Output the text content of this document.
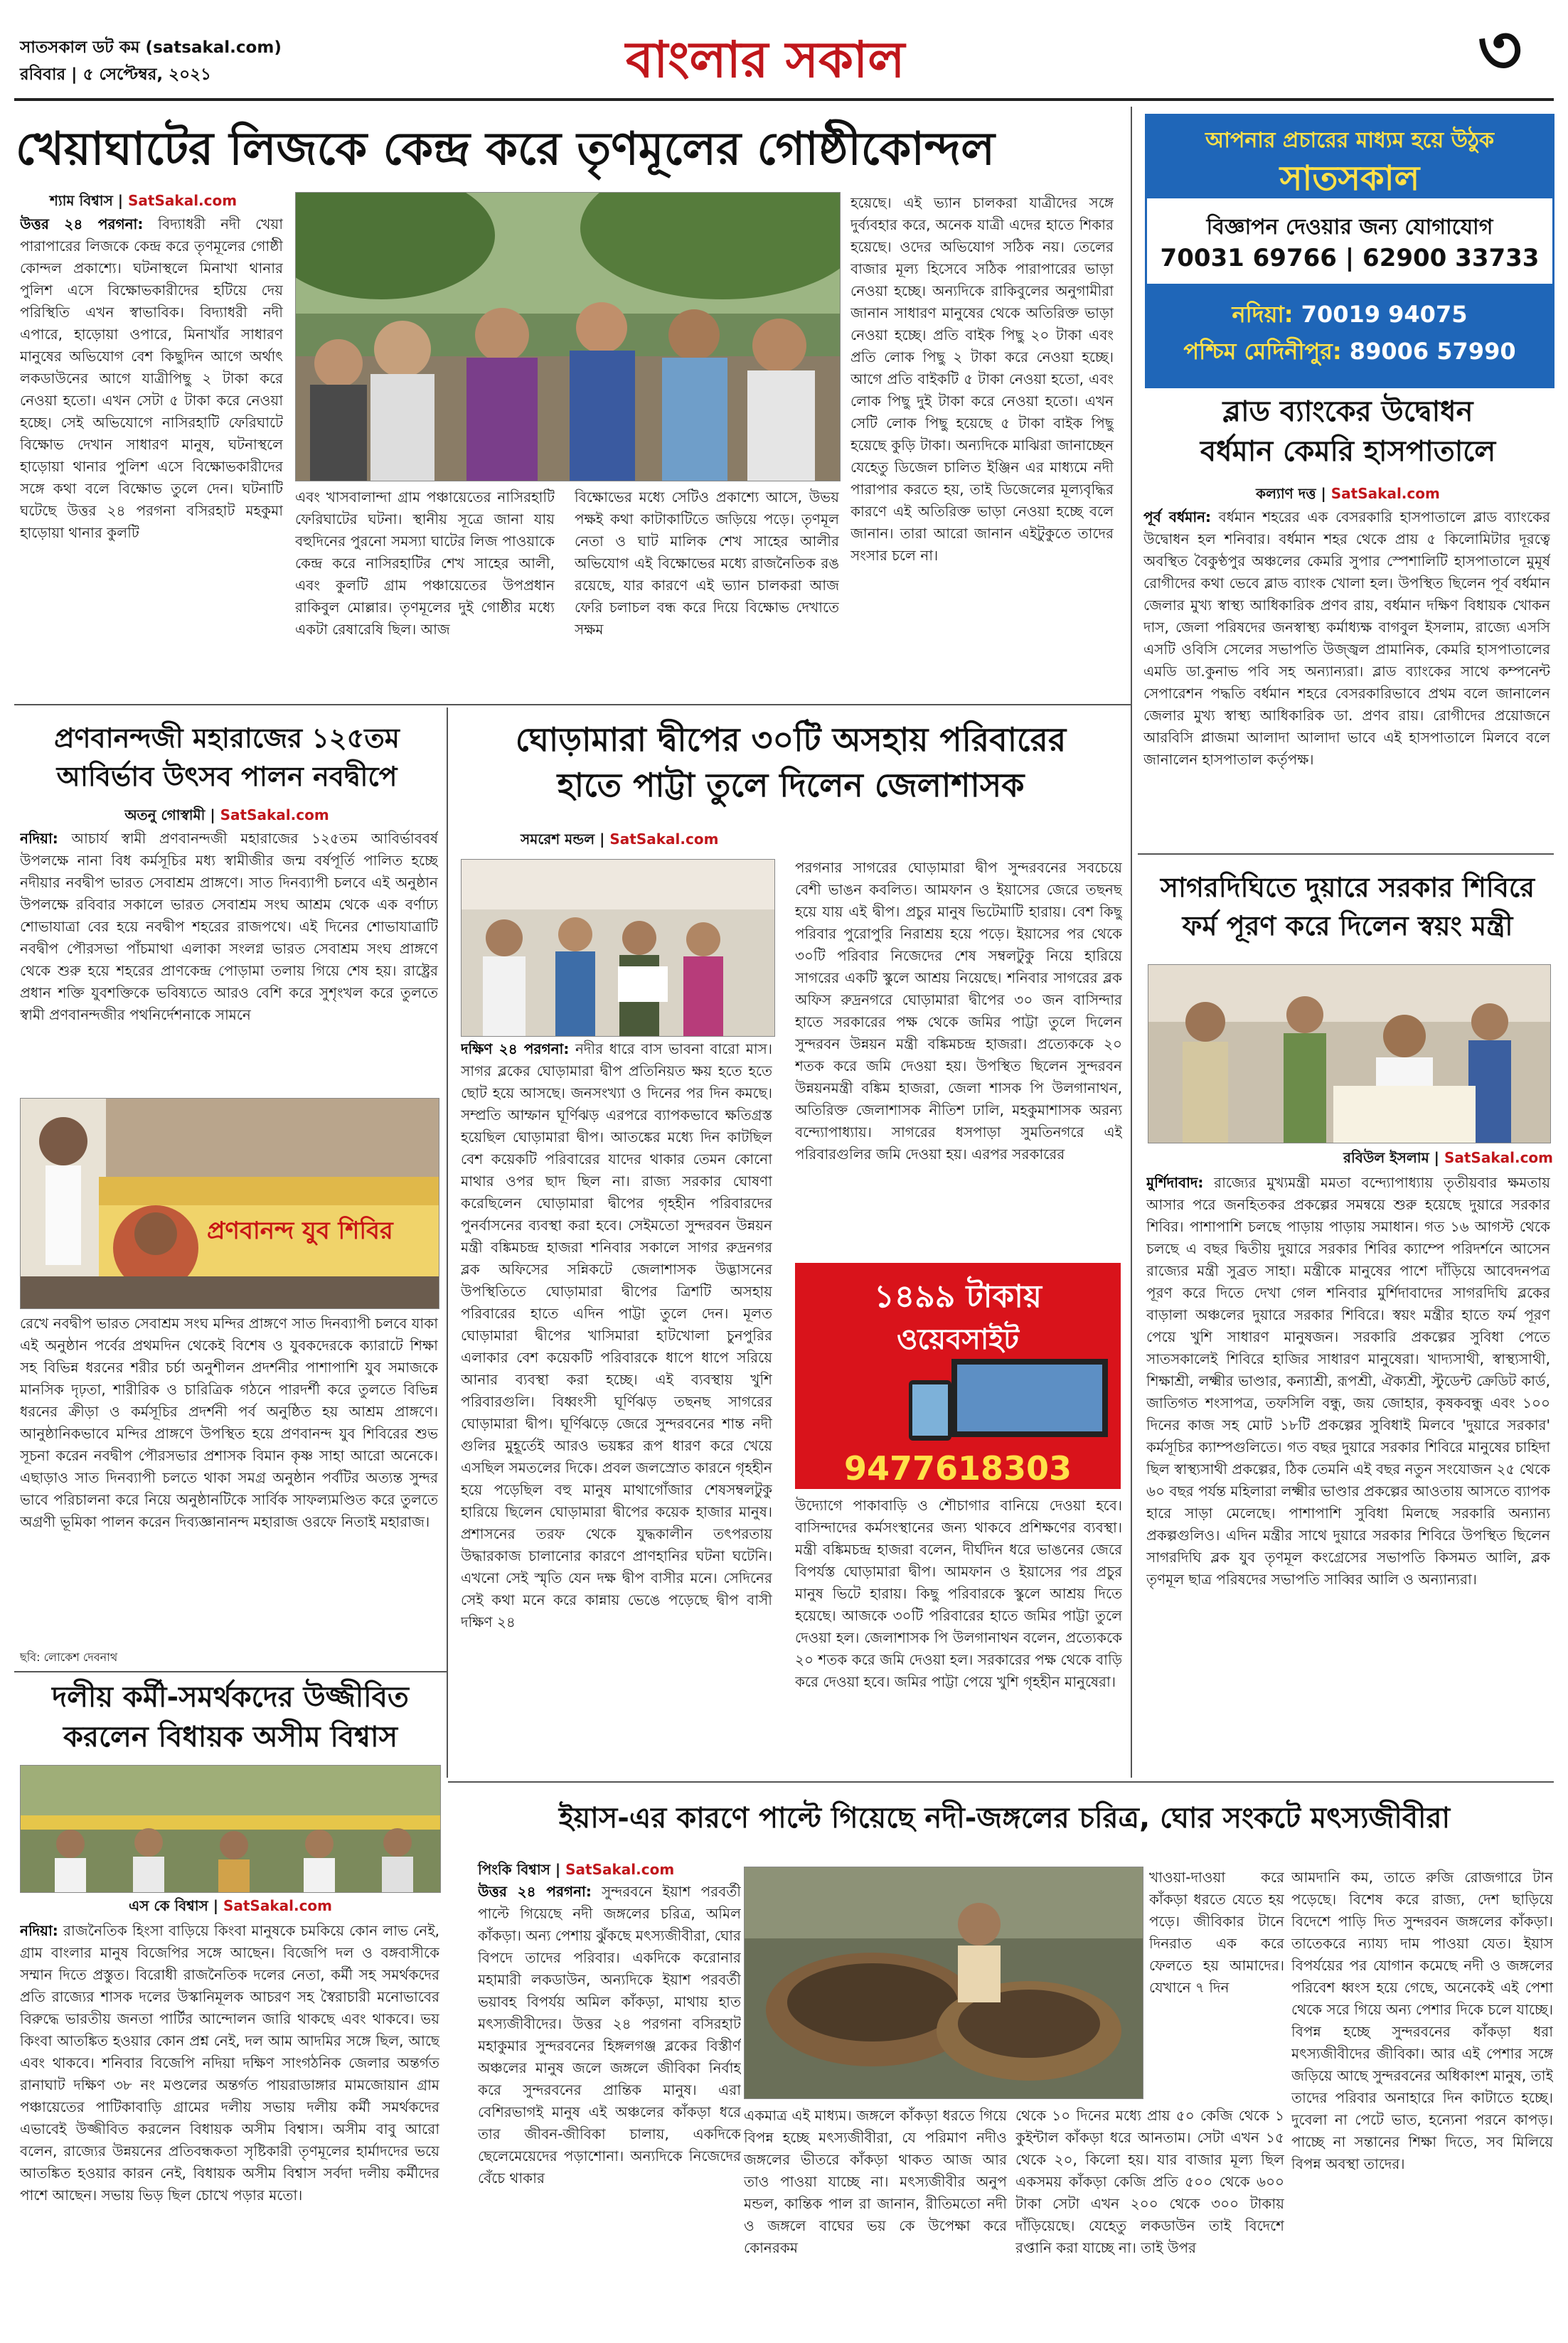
সাতসকাল ডট কম (satsakal.com)
রবিবার | ৫ সেপ্টেম্বর, ২০২১	বাংলার সকাল	৩
খেয়াঘাটের লিজকে কেন্দ্র করে তৃণমূলের গোষ্ঠীকোন্দল
শ্যাম বিশ্বাস | SatSakal.com
উত্তর ২৪ পরগনা: বিদ্যাধরী নদী খেয়া পারাপারের লিজকে কেন্দ্র করে তৃণমূলের গোষ্ঠী কোন্দল প্রকাশ্যে। ঘটনাস্থলে মিনাখা থানার পুলিশ এসে বিক্ষোভকারীদের হটিয়ে দেয় পরিস্থিতি এখন স্বাভাবিক। বিদ্যাধরী নদী এপারে, হাড়োয়া ওপারে, মিনাখাঁর সাধারণ মানুষের অভিযোগ বেশ কিছুদিন আগে অর্থাৎ লকডাউনের আগে যাত্রীপিছু ২ টাকা করে নেওয়া হতো। এখন সেটা ৫ টাকা করে নেওয়া হচ্ছে। সেই অভিযোগে নাসিরহাটি ফেরিঘাটে বিক্ষোভ দেখান সাধারণ মানুষ, ঘটনাস্থলে হাড়োয়া থানার পুলিশ এসে বিক্ষোভকারীদের সঙ্গে কথা বলে বিক্ষোভ তুলে দেন। ঘটনাটি ঘটেছে উত্তর ২৪ পরগনা বসিরহাট মহকুমা হাড়োয়া থানার কুলটি
এবং খাসবালান্দা গ্রাম পঞ্চায়েতের নাসিরহাটি ফেরিঘাটের ঘটনা। স্থানীয় সূত্রে জানা যায় বহুদিনের পুরনো সমস্যা ঘাটের লিজ পাওয়াকে কেন্দ্র করে নাসিরহাটির শেখ সাহের আলী, এবং কুলটি গ্রাম পঞ্চায়েতের উপপ্রধান রাকিবুল মোল্লার। তৃণমূলের দুই গোষ্ঠীর মধ্যে একটা রেষারেষি ছিল। আজ
বিক্ষোভের মধ্যে সেটিও প্রকাশ্যে আসে, উভয় পক্ষই কথা কাটাকাটিতে জড়িয়ে পড়ে। তৃণমূল নেতা ও ঘাট মালিক শেখ সাহের আলীর অভিযোগ এই বিক্ষোভের মধ্যে রাজনৈতিক রঙ রয়েছে, যার কারণে এই ভ্যান চালকরা আজ ফেরি চলাচল বন্ধ করে দিয়ে বিক্ষোভ দেখাতে সক্ষম
হয়েছে। এই ভ্যান চালকরা যাত্রীদের সঙ্গে দুর্ব্যবহার করে, অনেক যাত্রী এদের হাতে শিকার হয়েছে। ওদের অভিযোগ সঠিক নয়। তেলের বাজার মূল্য হিসেবে সঠিক পারাপারের ভাড়া নেওয়া হচ্ছে। অন্যদিকে রাকিবুলের অনুগামীরা জানান সাধারণ মানুষের থেকে অতিরিক্ত ভাড়া নেওয়া হচ্ছে। প্রতি বাইক পিছু ২০ টাকা এবং প্রতি লোক পিছু ২ টাকা করে নেওয়া হচ্ছে। আগে প্রতি বাইকটি ৫ টাকা নেওয়া হতো, এবং লোক পিছু দুই টাকা করে নেওয়া হতো। এখন সেটি লোক পিছু হয়েছে ৫ টাকা বাইক পিছু হয়েছে কুড়ি টাকা। অন্যদিকে মাঝিরা জানাচ্ছেন যেহেতু ডিজেল চালিত ইঞ্জিন এর মাধ্যমে নদী পারাপার করতে হয়, তাই ডিজেলের মূল্যবৃদ্ধির কারণে এই অতিরিক্ত ভাড়া নেওয়া হচ্ছে বলে জানান। তারা আরো জানান এইটুকুতে তাদের সংসার চলে না।
আপনার প্রচারের মাধ্যম হয়ে উঠুক
সাতসকাল
বিজ্ঞাপন দেওয়ার জন্য যোগাযোগ
70031 69766 | 62900 33733
নদিয়া: 70019 94075
পশ্চিম মেদিনীপুর: 89006 57990
ব্লাড ব্যাংকের উদ্বোধন
বর্ধমান কেমরি হাসপাতালে
কল্যাণ দত্ত | SatSakal.com
পূর্ব বর্ধমান: বর্ধমান শহরের এক বেসরকারি হাসপাতালে ব্লাড ব্যাংকের উদ্বোধন হল শনিবার। বর্ধমান শহর থেকে প্রায় ৫ কিলোমিটার দূরত্বে অবস্থিত বৈকুণ্ঠপুর অঞ্চলের কেমরি সুপার স্পেশালিটি হাসপাতালে মুমূর্ষ রোগীদের কথা ভেবে ব্লাড ব্যাংক খোলা হল। উপস্থিত ছিলেন পূর্ব বর্ধমান জেলার মুখ্য স্বাস্থ্য আধিকারিক প্রণব রায়, বর্ধমান দক্ষিণ বিধায়ক খোকন দাস, জেলা পরিষদের জনস্বাস্থ্য কর্মাধ্যক্ষ বাগবুল ইসলাম, রাজ্যে এসসি এসটি ওবিসি সেলের সভাপতি উজ্জ্বল প্রামানিক, কেমরি হাসপাতালের এমডি ডা.কুনাভ পবি সহ অন্যান্যরা। ব্লাড ব্যাংকের সাথে কম্পনেন্ট সেপারেশন পদ্ধতি বর্ধমান শহরে বেসরকারিভাবে প্রথম বলে জানালেন জেলার মুখ্য স্বাস্থ্য আধিকারিক ডা. প্রণব রায়। রোগীদের প্রয়োজনে আরবিসি প্লাজমা আলাদা আলাদা ভাবে এই হাসপাতালে মিলবে বলে জানালেন হাসপাতাল কর্তৃপক্ষ।
প্রণবানন্দজী মহারাজের ১২৫তম
আবির্ভাব উৎসব পালন নবদ্বীপে
অতনু গোস্বামী | SatSakal.com
নদিয়া: আচার্য স্বামী প্রণবানন্দজী মহারাজের ১২৫তম আবির্ভাববর্ষ উপলক্ষে নানা বিধ কর্মসূচির মধ্য স্বামীজীর জন্ম বর্ষপূর্তি পালিত হচ্ছে নদীয়ার নবদ্বীপ ভারত সেবাশ্রম প্রাঙ্গণে। সাত দিনব্যাপী চলবে এই অনুষ্ঠান উপলক্ষে রবিবার সকালে ভারত সেবাশ্রম সংঘ আশ্রম থেকে এক বর্ণাঢ্য শোভাযাত্রা বের হয়ে নবদ্বীপ শহরের রাজপথে। এই দিনের শোভাযাত্রাটি নবদ্বীপ পৌরসভা পাঁচমাথা এলাকা সংলগ্ন ভারত সেবাশ্রম সংঘ প্রাঙ্গণে থেকে শুরু হয়ে শহরের প্রাণকেন্দ্র পোড়ামা তলায় গিয়ে শেষ হয়। রাষ্ট্রের প্রধান শক্তি যুবশক্তিকে ভবিষ্যতে আরও বেশি করে সুশৃংখল করে তুলতে স্বামী প্রণবানন্দজীর পথনির্দেশনাকে সামনে
প্রণবানন্দ যুব শিবির
রেখে নবদ্বীপ ভারত সেবাশ্রম সংঘ মন্দির প্রাঙ্গণে সাত দিনব্যাপী চলবে যাকা এই অনুষ্ঠান পর্বের প্রথমদিন থেকেই বিশেষ ও যুবকদেরকে ক্যারাটে শিক্ষা সহ বিভিন্ন ধরনের শরীর চর্চা অনুশীলন প্রদর্শনীর পাশাপাশি যুব সমাজকে মানসিক দৃঢ়তা, শারীরিক ও চারিত্রিক গঠনে পারদর্শী করে তুলতে বিভিন্ন ধরনের ক্রীড়া ও কর্মসূচির প্রদর্শনী পর্ব অনুষ্ঠিত হয় আশ্রম প্রাঙ্গণে। আনুষ্ঠানিকভাবে মন্দির প্রাঙ্গণে উপস্থিত হয়ে প্রণবানন্দ যুব শিবিরের শুভ সূচনা করেন নবদ্বীপ পৌরসভার প্রশাসক বিমান কৃষ্ণ সাহা আরো অনেকে। এছাড়াও সাত দিনব্যাপী চলতে থাকা সমগ্র অনুষ্ঠান পর্বটির অত্যন্ত সুন্দর ভাবে পরিচালনা করে নিয়ে অনুষ্ঠানটিকে সার্বিক সাফল্যমণ্ডিত করে তুলতে অগ্রণী ভূমিকা পালন করেন দিব্যজ্ঞানানন্দ মহারাজ ওরফে নিতাই মহারাজ।
ছবি: লোকেশ দেবনাথ
ঘোড়ামারা দ্বীপের ৩০টি অসহায় পরিবারের
হাতে পাট্টা তুলে দিলেন জেলাশাসক
সমরেশ মন্ডল | SatSakal.com
দক্ষিণ ২৪ পরগনা: নদীর ধারে বাস ভাবনা বারো মাস। সাগর ব্লকের ঘোড়ামারা দ্বীপ প্রতিনিয়ত ক্ষয় হতে হতে ছোট হয়ে আসছে। জনসংখ্যা ও দিনের পর দিন কমছে। সম্প্রতি আম্ফান ঘূর্ণিঝড় এরপরে ব্যাপকভাবে ক্ষতিগ্রস্ত হয়েছিল ঘোড়ামারা দ্বীপ। আতঙ্কের মধ্যে দিন কাটছিল বেশ কয়েকটি পরিবারের যাদের থাকার তেমন কোনো মাথার ওপর ছাদ ছিল না। রাজ্য সরকার ঘোষণা করেছিলেন ঘোড়ামারা দ্বীপের গৃহহীন পরিবারদের পুনর্বাসনের ব্যবস্থা করা হবে। সেইমতো সুন্দরবন উন্নয়ন মন্ত্রী বঙ্কিমচন্দ্র হাজরা শনিবার সকালে সাগর রুদ্রনগর ব্লক অফিসের সন্নিকটে জেলাশাসক উদ্ভাসনের উপস্থিতিতে ঘোড়ামারা দ্বীপের ত্রিশটি অসহায় পরিবারের হাতে এদিন পাট্টা তুলে দেন। মূলত ঘোড়ামারা দ্বীপের খাসিমারা হাটখোলা চুনপুরির এলাকার বেশ কয়েকটি পরিবারকে ধাপে ধাপে সরিয়ে আনার ব্যবস্থা করা হচ্ছে। এই ব্যবস্থায় খুশি পরিবারগুলি। বিধ্বংসী ঘূর্ণিঝড় তছনছ সাগরের ঘোড়ামারা দ্বীপ। ঘূর্ণিঝড়ে জেরে সুন্দরবনের শান্ত নদী গুলির মুহূর্তেই আরও ভয়ঙ্কর রূপ ধারণ করে খেয়ে এসছিল সমতলের দিকে। প্রবল জলস্রোত কারনে গৃহহীন হয়ে পড়েছিল বহু মানুষ মাথাগোঁজার শেষসম্বলটুকু হারিয়ে ছিলেন ঘোড়ামারা দ্বীপের কয়েক হাজার মানুষ। প্রশাসনের তরফ থেকে যুদ্ধকালীন তৎপরতায় উদ্ধারকাজ চালানোর কারণে প্রাণহানির ঘটনা ঘটেনি। এখনো সেই স্মৃতি যেন দক্ষ দ্বীপ বাসীর মনে। সেদিনের সেই কথা মনে করে কান্নায় ভেঙে পড়েছে দ্বীপ বাসী দক্ষিণ ২৪
পরগনার সাগরের ঘোড়ামারা দ্বীপ সুন্দরবনের সবচেয়ে বেশী ভাঙন কবলিত। আমফান ও ইয়াসের জেরে তছনছ হয়ে যায় এই দ্বীপ। প্রচুর মানুষ ভিটেমাটি হারায়। বেশ কিছু পরিবার পুরোপুরি নিরাশ্রয় হয়ে পড়ে। ইয়াসের পর থেকে ৩০টি পরিবার নিজেদের শেষ সম্বলটুকু নিয়ে হারিয়ে সাগরের একটি স্কুলে আশ্রয় নিয়েছে। শনিবার সাগরের ব্লক অফিস রুদ্রনগরে ঘোড়ামারা দ্বীপের ৩০ জন বাসিন্দার হাতে সরকারের পক্ষ থেকে জমির পাট্টা তুলে দিলেন সুন্দরবন উন্নয়ন মন্ত্রী বঙ্কিমচন্দ্র হাজরা। প্রত্যেককে ২০ শতক করে জমি দেওয়া হয়। উপস্থিত ছিলেন সুন্দরবন উন্নয়নমন্ত্রী বঙ্কিম হাজরা, জেলা শাসক পি উলগানাথন, অতিরিক্ত জেলাশাসক নীতিশ ঢালি, মহকুমাশাসক অরন্য বন্দ্যোপাধ্যায়। সাগরের ধসপাড়া সুমতিনগরে এই পরিবারগুলির জমি দেওয়া হয়। এরপর সরকারের
১৪৯৯ টাকায়
ওয়েবসাইট
9477618303
উদ্যোগে পাকাবাড়ি ও শৌচাগার বানিয়ে দেওয়া হবে। বাসিন্দাদের কর্মসংস্থানের জন্য থাকবে প্রশিক্ষণের ব্যবস্থা। মন্ত্রী বঙ্কিমচন্দ্র হাজরা বলেন, দীর্ঘদিন ধরে ভাঙনের জেরে বিপর্যস্ত ঘোড়ামারা দ্বীপ। আমফান ও ইয়াসের পর প্রচুর মানুষ ভিটে হারায়। কিছু পরিবারকে স্কুলে আশ্রয় দিতে হয়েছে। আজকে ৩০টি পরিবারের হাতে জমির পাট্টা তুলে দেওয়া হল। জেলাশাসক পি উলগানাথন বলেন, প্রত্যেককে ২০ শতক করে জমি দেওয়া হল। সরকারের পক্ষ থেকে বাড়ি করে দেওয়া হবে। জমির পাট্টা পেয়ে খুশি গৃহহীন মানুষেরা।
সাগরদিঘিতে দুয়ারে সরকার শিবিরে
ফর্ম পূরণ করে দিলেন স্বয়ং মন্ত্রী
রবিউল ইসলাম | SatSakal.com
মুর্শিদাবাদ: রাজ্যের মুখ্যমন্ত্রী মমতা বন্দ্যোপাধ্যায় তৃতীয়বার ক্ষমতায় আসার পরে জনহিতকর প্রকল্পের সমন্বয়ে শুরু হয়েছে দুয়ারে সরকার শিবির। পাশাপাশি চলছে পাড়ায় পাড়ায় সমাধান। গত ১৬ আগস্ট থেকে চলছে এ বছর দ্বিতীয় দুয়ারে সরকার শিবির ক্যাম্পে পরিদর্শনে আসেন রাজ্যের মন্ত্রী সুব্রত সাহা। মন্ত্রীকে মানুষের পাশে দাঁড়িয়ে আবেদনপত্র পূরণ করে দিতে দেখা গেল শনিবার মুর্শিদাবাদের সাগরদিঘি ব্লকের বাড়ালা অঞ্চলের দুয়ারে সরকার শিবিরে। স্বয়ং মন্ত্রীর হাতে ফর্ম পূরণ পেয়ে খুশি সাধারণ মানুষজন। সরকারি প্রকল্পের সুবিধা পেতে সাতসকালেই শিবিরে হাজির সাধারণ মানুষেরা। খাদ্যসাথী, স্বাস্থ্যসাথী, শিক্ষাশ্রী, লক্ষ্মীর ভাণ্ডার, কন্যাশ্রী, রূপশ্রী, ঐক্যশ্রী, স্টুডেন্ট ক্রেডিট কার্ড, জাতিগত শংসাপত্র, তফসিলি বন্ধু, জয় জোহার, কৃষকবন্ধু এবং ১০০ দিনের কাজ সহ মোট ১৮টি প্রকল্পের সুবিধাই মিলবে 'দুয়ারে সরকার' কর্মসূচির ক্যাম্পগুলিতে। গত বছর দুয়ারে সরকার শিবিরে মানুষের চাহিদা ছিল স্বাস্থ্যসাথী প্রকল্পের, ঠিক তেমনি এই বছর নতুন সংযোজন ২৫ থেকে ৬০ বছর পর্যন্ত মহিলারা লক্ষ্মীর ভাণ্ডার প্রকল্পের আওতায় আসতে ব্যাপক হারে সাড়া মেলেছে। পাশাপাশি সুবিধা মিলছে সরকারি অন্যান্য প্রকল্পগুলিও। এদিন মন্ত্রীর সাথে দুয়ারে সরকার শিবিরে উপস্থিত ছিলেন সাগরদিঘি ব্লক যুব তৃণমূল কংগ্রেসের সভাপতি কিসমত আলি, ব্লক তৃণমূল ছাত্র পরিষদের সভাপতি সাব্বির আলি ও অন্যান্যরা।
দলীয় কর্মী-সমর্থকদের উজ্জীবিত
করলেন বিধায়ক অসীম বিশ্বাস
এস কে বিশ্বাস | SatSakal.com
নদিয়া: রাজনৈতিক হিংসা বাড়িয়ে কিংবা মানুষকে চমকিয়ে কোন লাভ নেই, গ্রাম বাংলার মানুষ বিজেপির সঙ্গে আছেন। বিজেপি দল ও বঙ্গবাসীকে সম্মান দিতে প্রস্তুত। বিরোধী রাজনৈতিক দলের নেতা, কর্মী সহ সমর্থকদের প্রতি রাজ্যের শাসক দলের উস্কানিমূলক আচরণ সহ স্বৈরাচারী মনোভাবের বিরুদ্ধে ভারতীয় জনতা পার্টির আন্দোলন জারি থাকছে এবং থাকবে। ভয় কিংবা আতঙ্কিত হওয়ার কোন প্রশ্ন নেই, দল আম আদমির সঙ্গে ছিল, আছে এবং থাকবে। শনিবার বিজেপি নদিয়া দক্ষিণ সাংগঠনিক জেলার অন্তর্গত রানাঘাট দক্ষিণ ৩৮ নং মণ্ডলের অন্তর্গত পায়রাডাঙ্গার মামজোয়ান গ্রাম পঞ্চায়েতের পাটিকাবাড়ি গ্রামের দলীয় সভায় দলীয় কর্মী সমর্থকদের এভাবেই উজ্জীবিত করলেন বিধায়ক অসীম বিশ্বাস। অসীম বাবু আরো বলেন, রাজ্যের উন্নয়নের প্রতিবন্ধকতা সৃষ্টিকারী তৃণমূলের হার্মাদদের ভয়ে আতঙ্কিত হওয়ার কারন নেই, বিধায়ক অসীম বিশ্বাস সর্বদা দলীয় কর্মীদের পাশে আছেন। সভায় ভিড় ছিল চোখে পড়ার মতো।
ইয়াস-এর কারণে পাল্টে গিয়েছে নদী-জঙ্গলের চরিত্র, ঘোর সংকটে মৎস্যজীবীরা
পিংকি বিশ্বাস | SatSakal.com
উত্তর ২৪ পরগনা: সুন্দরবনে ইয়াশ পরবর্তী পাল্টে গিয়েছে নদী জঙ্গলের চরিত্র, অমিল কাঁকড়া। অন্য পেশায় ঝুঁকছে মৎস্যজীবীরা, ঘোর বিপদে তাদের পরিবার। একদিকে করোনার মহামারী লকডাউন, অন্যদিকে ইয়াশ পরবর্তী ভয়াবহ বিপর্যয় অমিল কাঁকড়া, মাথায় হাত মৎস্যজীবীদের। উত্তর ২৪ পরগনা বসিরহাট মহাকুমার সুন্দরবনের হিঙ্গলগঞ্জ ব্লকের বিস্তীর্ণ অঞ্চলের মানুষ জলে জঙ্গলে জীবিকা নির্বাহ করে সুন্দরবনের প্রান্তিক মানুষ। এরা বেশিরভাগই মানুষ এই অঞ্চলের কাঁকড়া ধরে তার জীবন-জীবিকা চালায়, একদিকে ছেলেমেয়েদের পড়াশোনা। অন্যদিকে নিজেদের বেঁচে থাকার
খাওয়া-দাওয়া করে কাঁকড়া ধরতে যেতে হয় পড়ে। জীবিকার টানে দিনরাত এক করে ফেলতে হয় আমাদের। যেখানে ৭ দিন
একমাত্র এই মাধ্যম। জঙ্গলে কাঁকড়া ধরতে গিয়ে বিপন্ন হচ্ছে মৎস্যজীবীরা, যে পরিমাণ নদীও জঙ্গলের ভীতরে কাঁকড়া থাকত আজ আর তাও পাওয়া যাচ্ছে না। মৎস্যজীবীর অনুপ মন্ডল, কান্তিক পাল রা জানান, রীতিমতো নদী ও জঙ্গলে বাঘের ভয় কে উপেক্ষা করে কোনরকম
থেকে ১০ দিনের মধ্যে প্রায় ৫০ কেজি থেকে ১ কুইন্টাল কাঁকড়া ধরে আনতাম। সেটা এখন ১৫ থেকে ২০, কিলো হয়। যার বাজার মূল্য ছিল একসময় কাঁকড়া কেজি প্রতি ৫০০ থেকে ৬০০ টাকা সেটা এখন ২০০ থেকে ৩০০ টাকায় দাঁড়িয়েছে। যেহেতু লকডাউন তাই বিদেশে রপ্তানি করা যাচ্ছে না। তাই উপর
আমদানি কম, তাতে রুজি রোজগারে টান পড়েছে। বিশেষ করে রাজ্য, দেশ ছাড়িয়ে বিদেশে পাড়ি দিত সুন্দরবন জঙ্গলের কাঁকড়া। তাতেকরে ন্যায্য দাম পাওয়া যেত। ইয়াস বিপর্যয়ের পর যোগান কমেছে নদী ও জঙ্গলের পরিবেশ ধ্বংস হয়ে গেছে, অনেকেই এই পেশা থেকে সরে গিয়ে অন্য পেশার দিকে চলে যাচ্ছে। বিপন্ন হচ্ছে সুন্দরবনের কাঁকড়া ধরা মৎস্যজীবীদের জীবিকা। আর এই পেশার সঙ্গে জড়িয়ে আছে সুন্দরবনের অধিকাংশ মানুষ, তাই তাদের পরিবার অনাহারে দিন কাটাতে হচ্ছে। দুবেলা না পেটে ভাত, হন্যেনা পরনে কাপড়। পাচ্ছে না সন্তানের শিক্ষা দিতে, সব মিলিয়ে বিপন্ন অবস্থা তাদের।
